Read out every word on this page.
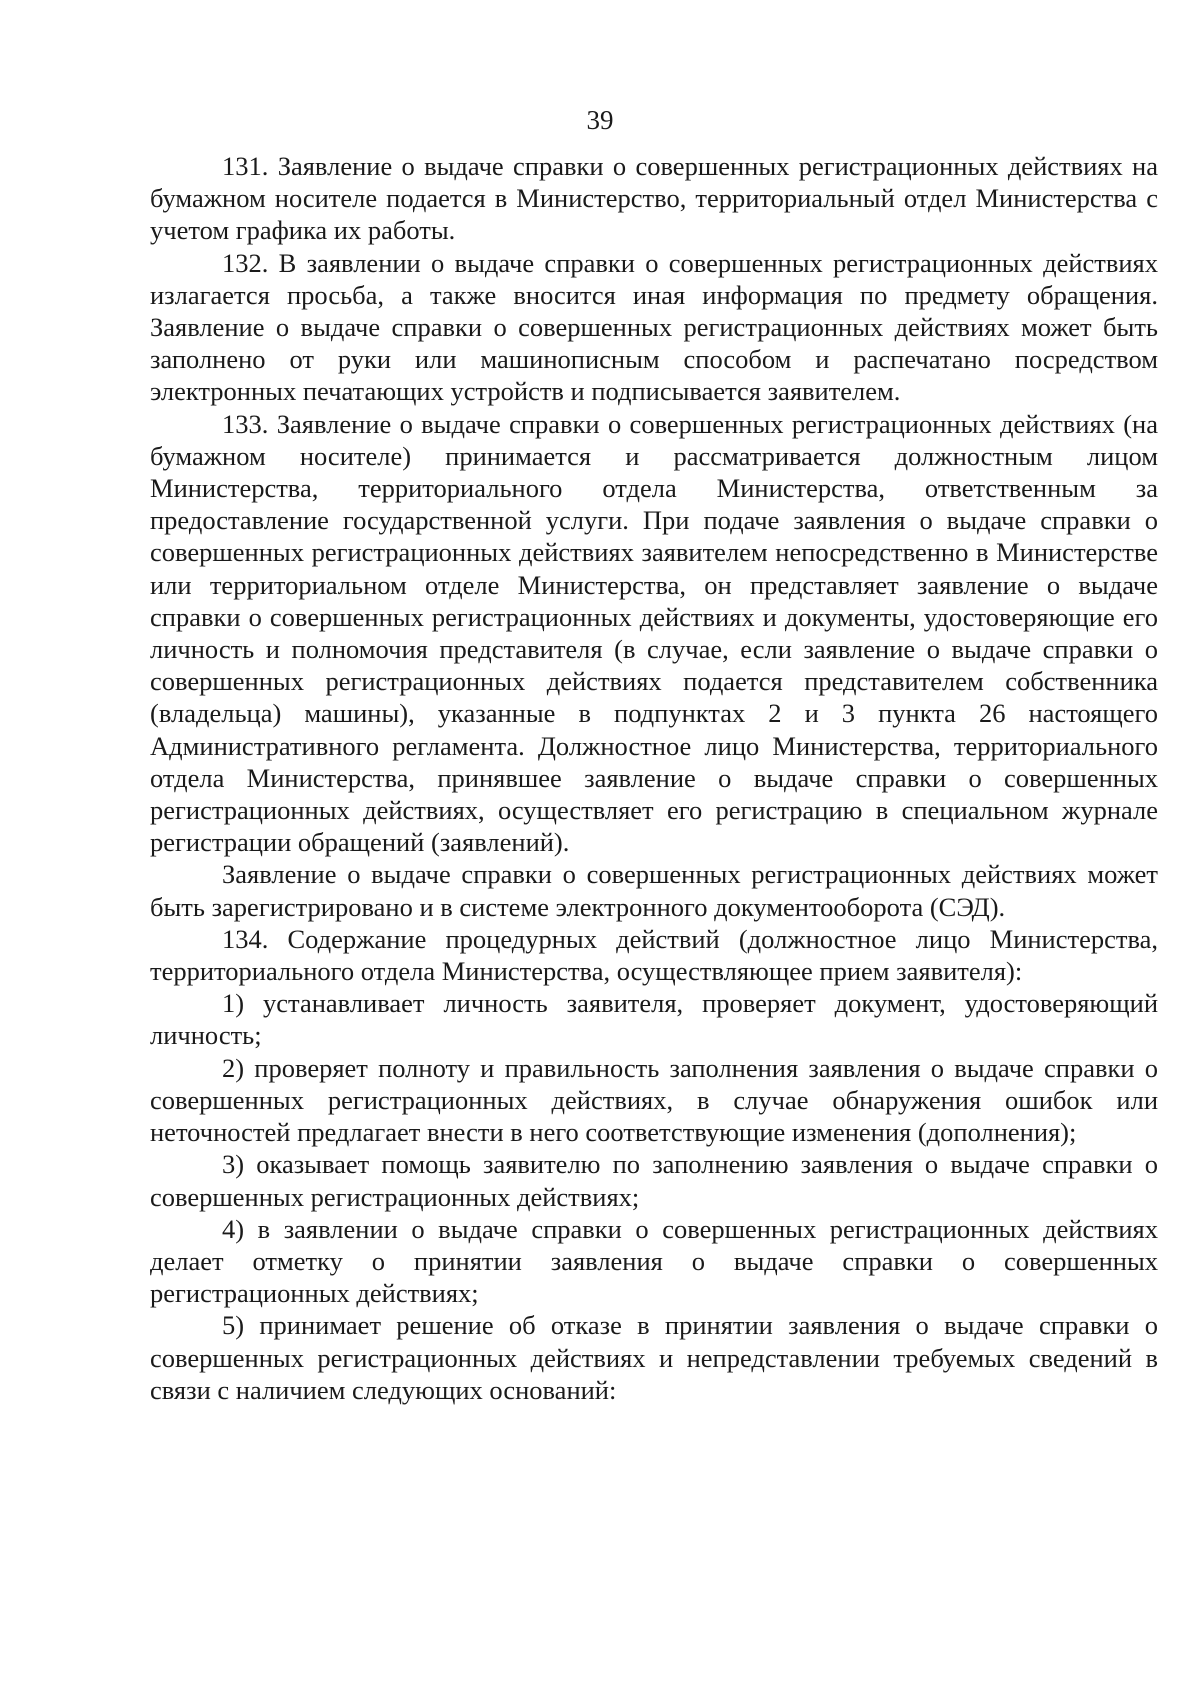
39

131. Заявление о выдаче справки о совершенных регистрационных действиях на бумажном носителе подается в Министерство, территориальный отдел Министерства с учетом графика их работы.

132. В заявлении о выдаче справки о совершенных регистрационных действиях излагается просьба, а также вносится иная информация по предмету обращения. Заявление о выдаче справки о совершенных регистрационных действиях может быть заполнено от руки или машинописным способом и распечатано посредством электронных печатающих устройств и подписывается заявителем.

133. Заявление о выдаче справки о совершенных регистрационных действиях (на бумажном носителе) принимается и рассматривается должностным лицом Министерства, территориального отдела Министерства, ответственным за предоставление государственной услуги. При подаче заявления о выдаче справки о совершенных регистрационных действиях заявителем непосредственно в Министерстве или территориальном отделе Министерства, он представляет заявление о выдаче справки о совершенных регистрационных действиях и документы, удостоверяющие его личность и полномочия представителя (в случае, если заявление о выдаче справки о совершенных регистрационных действиях подается представителем собственника (владельца) машины), указанные в подпунктах 2 и 3 пункта 26 настоящего Административного регламента. Должностное лицо Министерства, территориального отдела Министерства, принявшее заявление о выдаче справки о совершенных регистрационных действиях, осуществляет его регистрацию в специальном журнале регистрации обращений (заявлений).

Заявление о выдаче справки о совершенных регистрационных действиях может быть зарегистрировано и в системе электронного документооборота (СЭД).

134. Содержание процедурных действий (должностное лицо Министерства, территориального отдела Министерства, осуществляющее прием заявителя):

1) устанавливает личность заявителя, проверяет документ, удостоверяющий личность;

2) проверяет полноту и правильность заполнения заявления о выдаче справки о совершенных регистрационных действиях, в случае обнаружения ошибок или неточностей предлагает внести в него соответствующие изменения (дополнения);

3) оказывает помощь заявителю по заполнению заявления о выдаче справки о совершенных регистрационных действиях;

4) в заявлении о выдаче справки о совершенных регистрационных действиях делает отметку о принятии заявления о выдаче справки о совершенных регистрационных действиях;

5) принимает решение об отказе в принятии заявления о выдаче справки о совершенных регистрационных действиях и непредставлении требуемых сведений в связи с наличием следующих оснований:
